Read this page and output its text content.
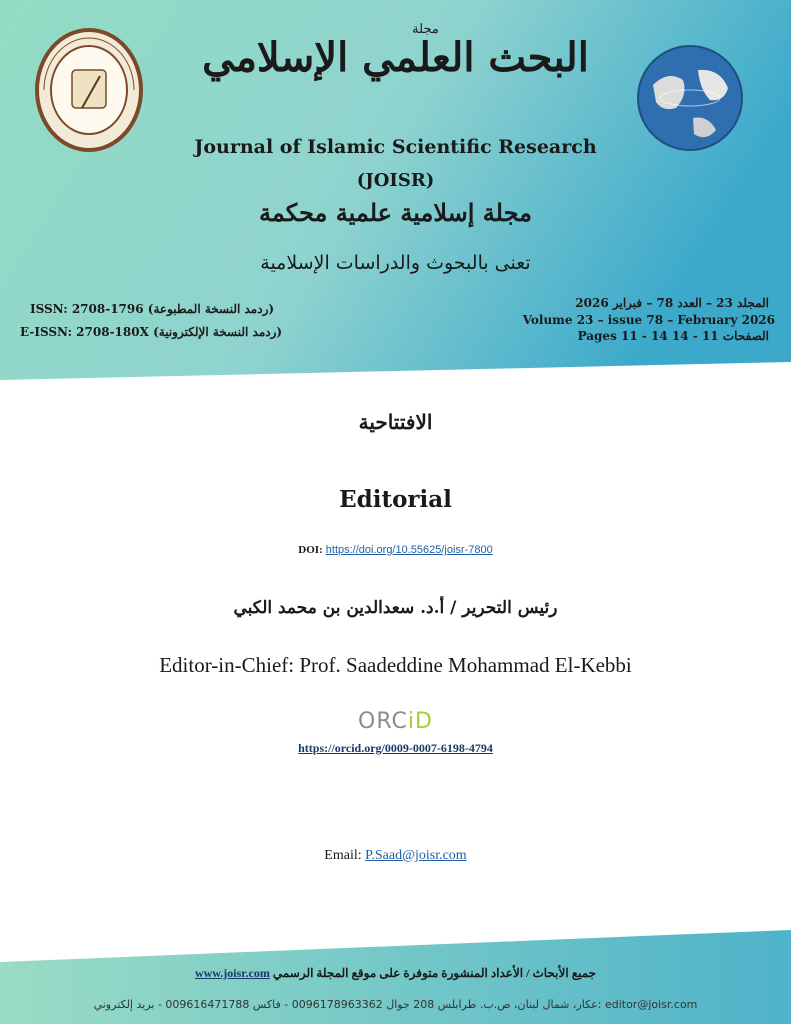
مجلة
البحث العلمي الإسلامي
Journal of Islamic Scientific Research
(JOISR)
مجلة إسلامية علمية محكمة
تعنى بالبحوث والدراسات الإسلامية
ISSN: 2708-1796 (ردمد النسخة المطبوعة)
E-ISSN: 2708-180X (ردمد النسخة الإلكترونية)
المجلد 23 – العدد 78 – فبراير 2026
Volume 23 – issue 78 – February 2026
Pages 11 - 14 14 - الصفحات 11
الافتتاحية
Editorial
DOI: https://doi.org/10.55625/joisr-7800
رئيس التحرير / أ.د. سعدالدين بن محمد الكبي
Editor-in-Chief: Prof. Saadeddine Mohammad El-Kebbi
ORCiD
https://orcid.org/0009-0007-6198-4794
Email: P.Saad@joisr.com
www.joisr.com جميع الأبحاث / الأعداد المنشورة متوفرة على موقع المجلة الرسمي
عكار، شمال لبنان، ص.ب. طرابلس 208 جوال 0096178963362 - فاكس 009616471788 - بريد إلكتروني: editor@joisr.com
